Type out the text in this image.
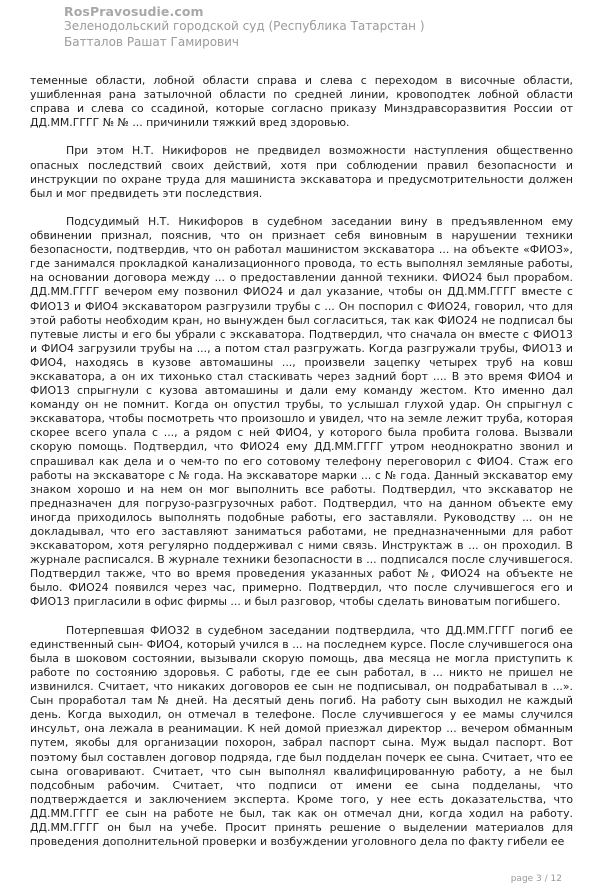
RosPravosudie.com
Зеленодольский городской суд (Республика Татарстан )
Батталов Рашат Гамирович

теменные области, лобной области справа и слева с переходом в височные области, ушибленная рана затылочной области по средней линии, кровоподтек лобной области справа и слева со ссадиной, которые согласно приказу Минздравсоразвития России от ДД.ММ.ГГГГ № № ... причинили тяжкий вред здоровью.

При этом Н.Т. Никифоров не предвидел возможности наступления общественно опасных последствий своих действий, хотя при соблюдении правил безопасности и инструкции по охране труда для машиниста экскаватора и предусмотрительности должен был и мог предвидеть эти последствия.

Подсудимый Н.Т. Никифоров в судебном заседании вину в предъявленном ему обвинении признал, пояснив, что он признает себя виновным в нарушении техники безопасности, подтвердив, что он работал машинистом экскаватора ... на объекте «ФИОЗ», где занимался прокладкой канализационного провода, то есть выполнял земляные работы, на основании договора между ... о предоставлении данной техники. ФИО24 был прорабом. ДД.ММ.ГГГГ вечером ему позвонил ФИО24 и дал указание, чтобы он ДД.ММ.ГГГГ вместе с ФИО13 и ФИО4 экскаватором разгрузили трубы с ... Он поспорил с ФИО24, говорил, что для этой работы необходим кран, но вынужден был согласиться, так как ФИО24 не подписал бы путевые листы и его бы убрали с экскаватора. Подтвердил, что сначала он вместе с ФИО13 и ФИО4 загрузили трубы на ..., а потом стал разгружать. Когда разгружали трубы, ФИО13 и ФИО4, находясь в кузове автомашины ..., произвели зацепку четырех труб на ковш экскаватора, а он их тихонько стал стаскивать через задний борт .... В это время ФИО4 и ФИО13 спрыгнули с кузова автомашины и дали ему команду жестом. Кто именно дал команду он не помнит. Когда он опустил трубы, то услышал глухой удар. Он спрыгнул с экскаватора, чтобы посмотреть что произошло и увидел, что на земле лежит труба, которая скорее всего упала с ..., а рядом с ней ФИО4, у которого была пробита голова. Вызвали скорую помощь. Подтвердил, что ФИО24 ему ДД.ММ.ГГГГ утром неоднократно звонил и спрашивал как дела и о чем-то по его сотовому телефону переговорил с ФИО4. Стаж его работы на экскаваторе с № года. На экскаваторе марки ... с № года. Данный экскаватор ему знаком хорошо и на нем он мог выполнить все работы. Подтвердил, что экскаватор не предназначен для погрузо-разгрузочных работ. Подтвердил, что на данном объекте ему иногда приходилось выполнять подобные работы, его заставляли. Руководству ... он не докладывал, что его заставляют заниматься работами, не предназначенными для работ экскаватором, хотя регулярно поддерживал с ними связь. Инструктаж в ... он проходил. В журнале расписался. В журнале техники безопасности в ... подписался после случившегося. Подтвердил также, что во время проведения указанных работ №, ФИО24 на объекте не было. ФИО24 появился через час, примерно. Подтвердил, что после случившегося его и ФИО13 пригласили в офис фирмы ... и был разговор, чтобы сделать виноватым погибшего.

Потерпевшая ФИО32 в судебном заседании подтвердила, что ДД.ММ.ГГГГ погиб ее единственный сын- ФИО4, который учился в ... на последнем курсе. После случившегося она была в шоковом состоянии, вызывали скорую помощь, два месяца не могла приступить к работе по состоянию здоровья. С работы, где ее сын работал, в ... никто не пришел не извинился. Считает, что никаких договоров ее сын не подписывал, он подрабатывал в ...». Сын проработал там № дней. На десятый день погиб. На работу сын выходил не каждый день. Когда выходил, он отмечал в телефоне. После случившегося у ее мамы случился инсульт, она лежала в реанимации. К ней домой приезжал директор ... вечером обманным путем, якобы для организации похорон, забрал паспорт сына. Муж выдал паспорт. Вот поэтому был составлен договор подряда, где был подделан почерк ее сына. Считает, что ее сына оговаривают. Считает, что сын выполнял квалифицированную работу, а не был подсобным рабочим. Считает, что подписи от имени ее сына подделаны, что подтверждается и заключением эксперта. Кроме того, у нее есть доказательства, что ДД.ММ.ГГГГ ее сын на работе не был, так как он отмечал дни, когда ходил на работу. ДД.ММ.ГГГГ он был на учебе. Просит принять решение о выделении материалов для проведения дополнительной проверки и возбуждении уголовного дела по факту гибели ее

page 3 / 12
